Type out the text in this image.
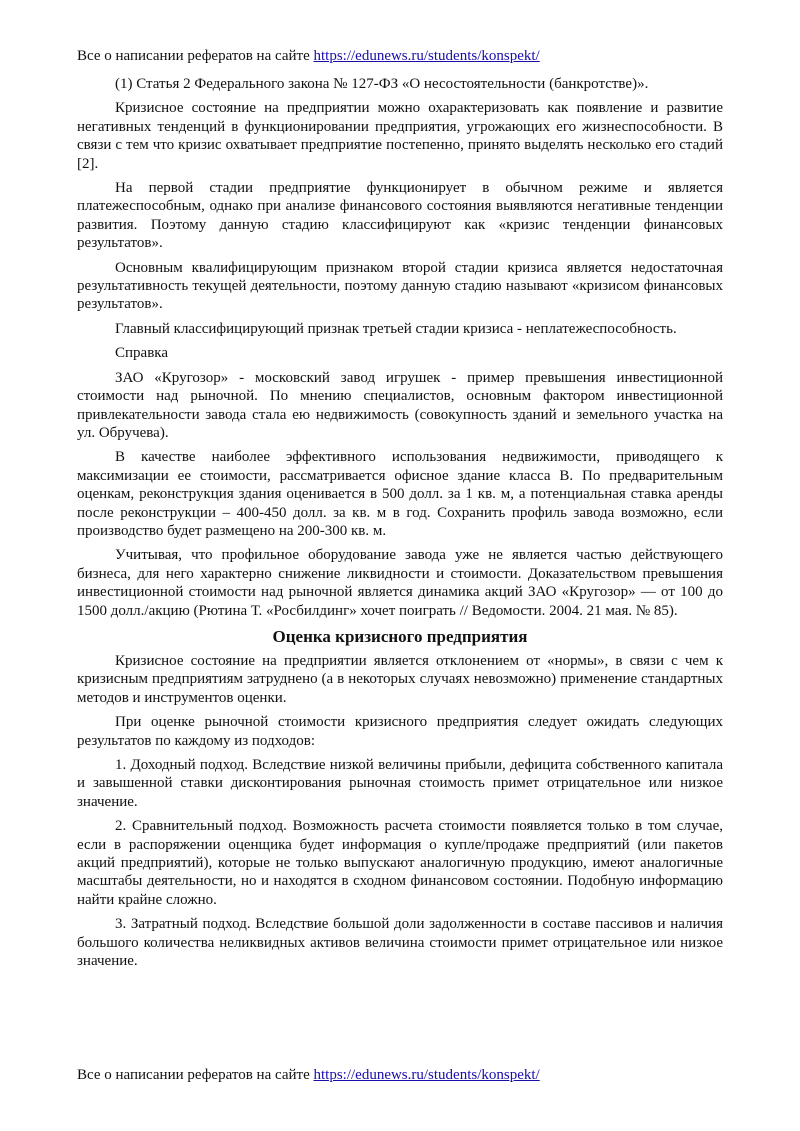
Все о написании рефератов на сайте https://edunews.ru/students/konspekt/

(1) Статья 2 Федерального закона № 127-ФЗ «О несостоятельности (банкротстве)».

Кризисное состояние на предприятии можно охарактеризовать как появление и развитие негативных тенденций в функционировании предприятия, угрожающих его жизнеспособности. В связи с тем что кризис охватывает предприятие постепенно, принято выделять несколько его стадий [2].

На первой стадии предприятие функционирует в обычном режиме и является платежеспособным, однако при анализе финансового состояния выявляются негативные тенденции развития. Поэтому данную стадию классифицируют как «кризис тенденции финансовых результатов».

Основным квалифицирующим признаком второй стадии кризиса является недостаточная результативность текущей деятельности, поэтому данную стадию называют «кризисом финансовых результатов».

Главный классифицирующий признак третьей стадии кризиса - неплатежеспособность.

Справка

ЗАО «Кругозор» - московский завод игрушек - пример превышения инвестиционной стоимости над рыночной. По мнению специалистов, основным фактором инвестиционной привлекательности завода стала ею недвижимость (совокупность зданий и земельного участка на ул. Обручева).

В качестве наиболее эффективного использования недвижимости, приводящего к максимизации ее стоимости, рассматривается офисное здание класса В. По предварительным оценкам, реконструкция здания оценивается в 500 долл. за 1 кв. м, а потенциальная ставка аренды после реконструкции – 400-450 долл. за кв. м в год. Сохранить профиль завода возможно, если производство будет размещено на 200-300 кв. м.

Учитывая, что профильное оборудование завода уже не является частью действующего бизнеса, для него характерно снижение ликвидности и стоимости. Доказательством превышения инвестиционной стоимости над рыночной является динамика акций ЗАО «Кругозор» — от 100 до 1500 долл./акцию (Рютина Т. «Росбилдинг» хочет поиграть // Ведомости. 2004. 21 мая. № 85).

Оценка кризисного предприятия

Кризисное состояние на предприятии является отклонением от «нормы», в связи с чем к кризисным предприятиям затруднено (а в некоторых случаях невозможно) применение стандартных методов и инструментов оценки.

При оценке рыночной стоимости кризисного предприятия следует ожидать следующих результатов по каждому из подходов:

1. Доходный подход. Вследствие низкой величины прибыли, дефицита собственного капитала и завышенной ставки дисконтирования рыночная стоимость примет отрицательное или низкое значение.

2. Сравнительный подход. Возможность расчета стоимости появляется только в том случае, если в распоряжении оценщика будет информация о купле/продаже предприятий (или пакетов акций предприятий), которые не только выпускают аналогичную продукцию, имеют аналогичные масштабы деятельности, но и находятся в сходном финансовом состоянии. Подобную информацию найти крайне сложно.

3. Затратный подход. Вследствие большой доли задолженности в составе пассивов и наличия большого количества неликвидных активов величина стоимости примет отрицательное или низкое значение.

Все о написании рефератов на сайте https://edunews.ru/students/konspekt/
